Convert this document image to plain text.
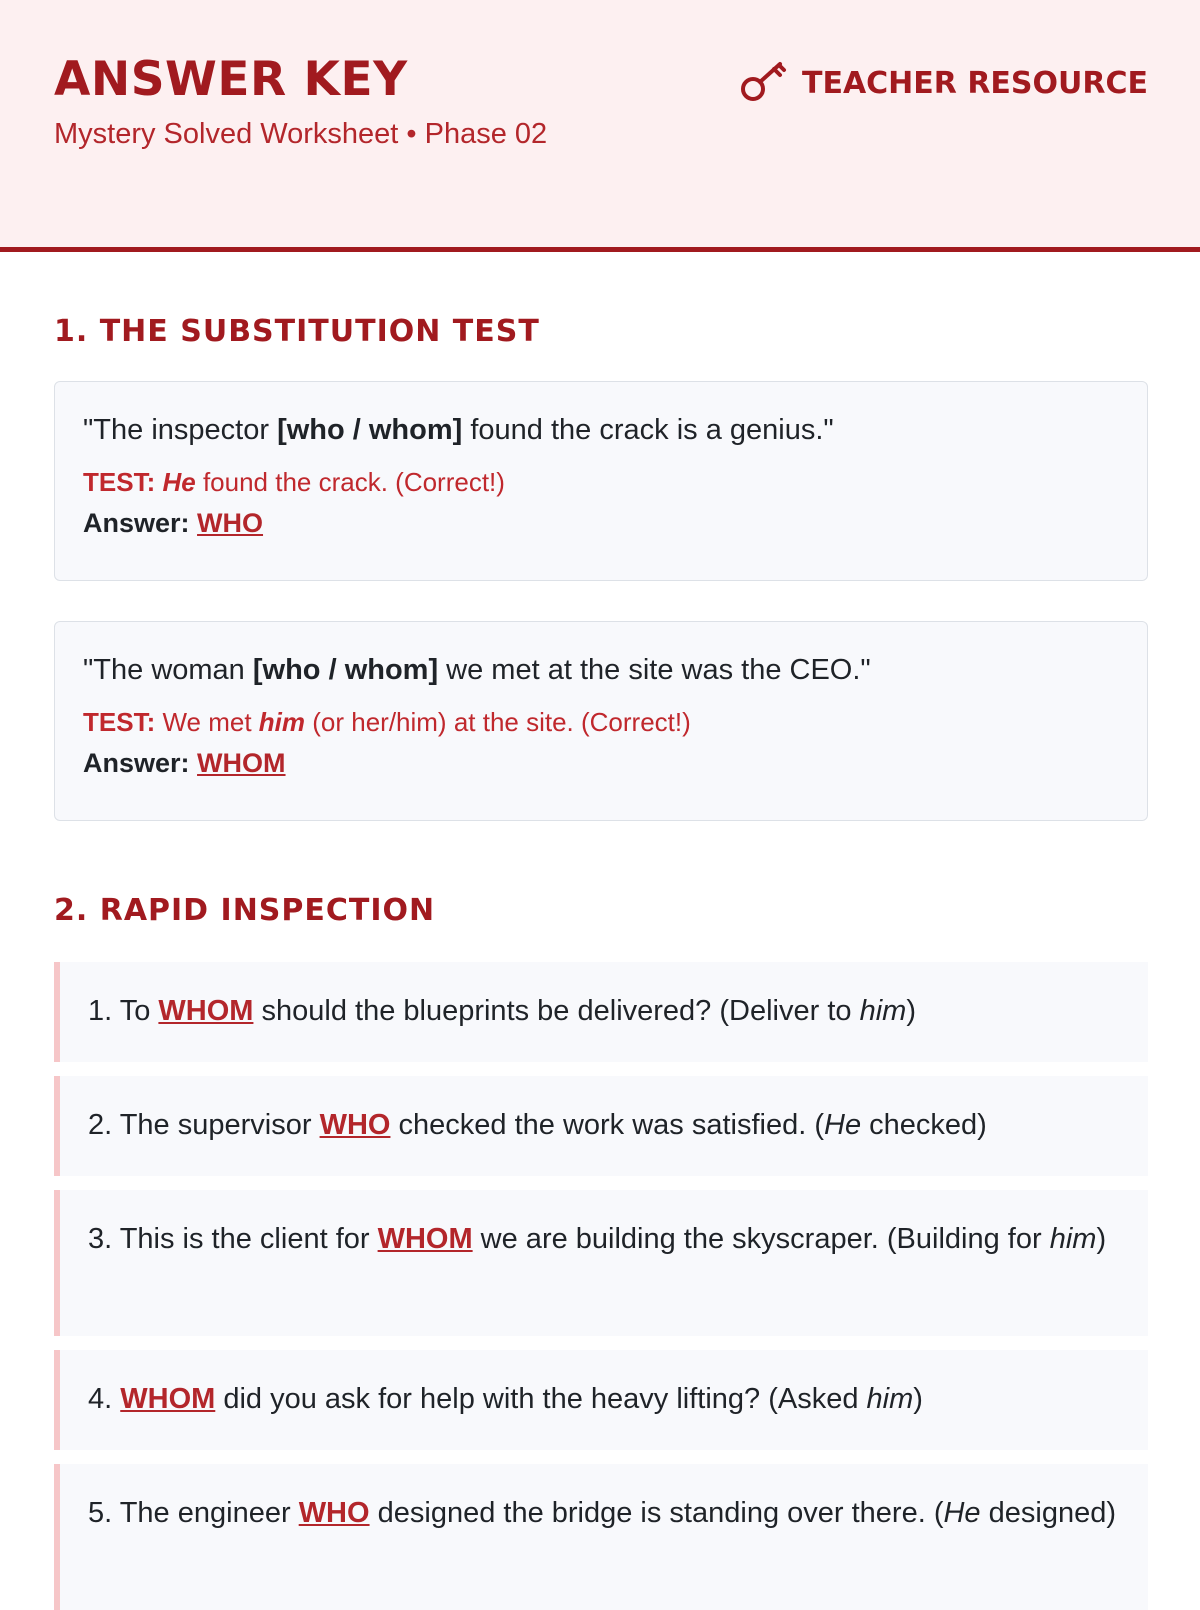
ANSWER KEY
Mystery Solved Worksheet • Phase 02
TEACHER RESOURCE
1. THE SUBSTITUTION TEST
"The inspector [who / whom] found the crack is a genius."
TEST: He found the crack. (Correct!)
Answer: WHO
"The woman [who / whom] we met at the site was the CEO."
TEST: We met him (or her/him) at the site. (Correct!)
Answer: WHOM
2. RAPID INSPECTION
1. To WHOM should the blueprints be delivered? (Deliver to him)
2. The supervisor WHO checked the work was satisfied. (He checked)
3. This is the client for WHOM we are building the skyscraper. (Building for him)
4. WHOM did you ask for help with the heavy lifting? (Asked him)
5. The engineer WHO designed the bridge is standing over there. (He designed)
